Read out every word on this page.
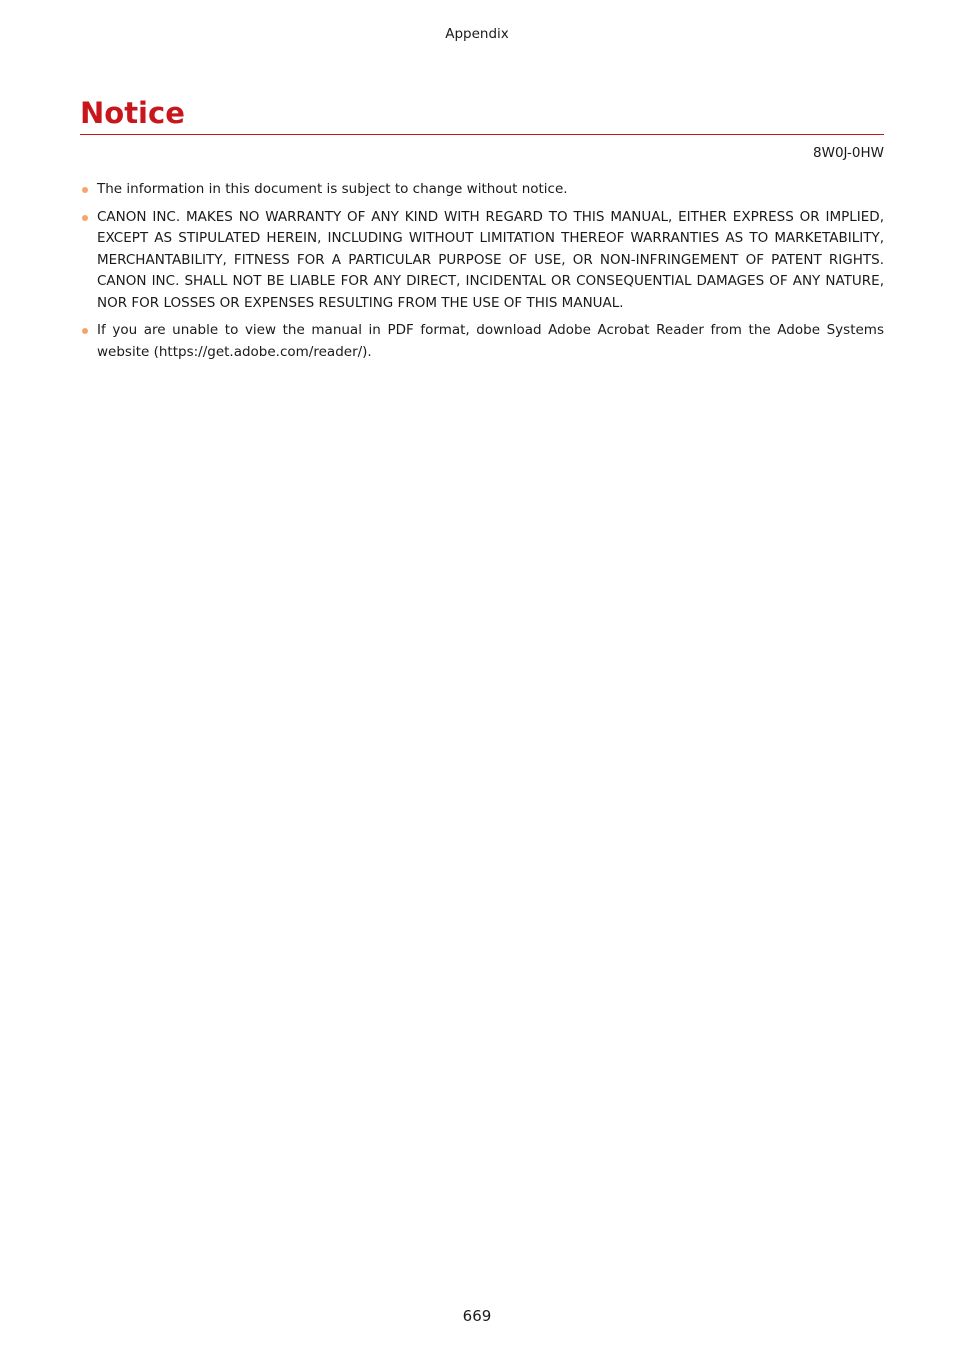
Appendix
Notice
8W0J-0HW
The information in this document is subject to change without notice.
CANON INC. MAKES NO WARRANTY OF ANY KIND WITH REGARD TO THIS MANUAL, EITHER EXPRESS OR IMPLIED, EXCEPT AS STIPULATED HEREIN, INCLUDING WITHOUT LIMITATION THEREOF WARRANTIES AS TO MARKETABILITY, MERCHANTABILITY, FITNESS FOR A PARTICULAR PURPOSE OF USE, OR NON-INFRINGEMENT OF PATENT RIGHTS. CANON INC. SHALL NOT BE LIABLE FOR ANY DIRECT, INCIDENTAL OR CONSEQUENTIAL DAMAGES OF ANY NATURE, NOR FOR LOSSES OR EXPENSES RESULTING FROM THE USE OF THIS MANUAL.
If you are unable to view the manual in PDF format, download Adobe Acrobat Reader from the Adobe Systems website (https://get.adobe.com/reader/).
669
